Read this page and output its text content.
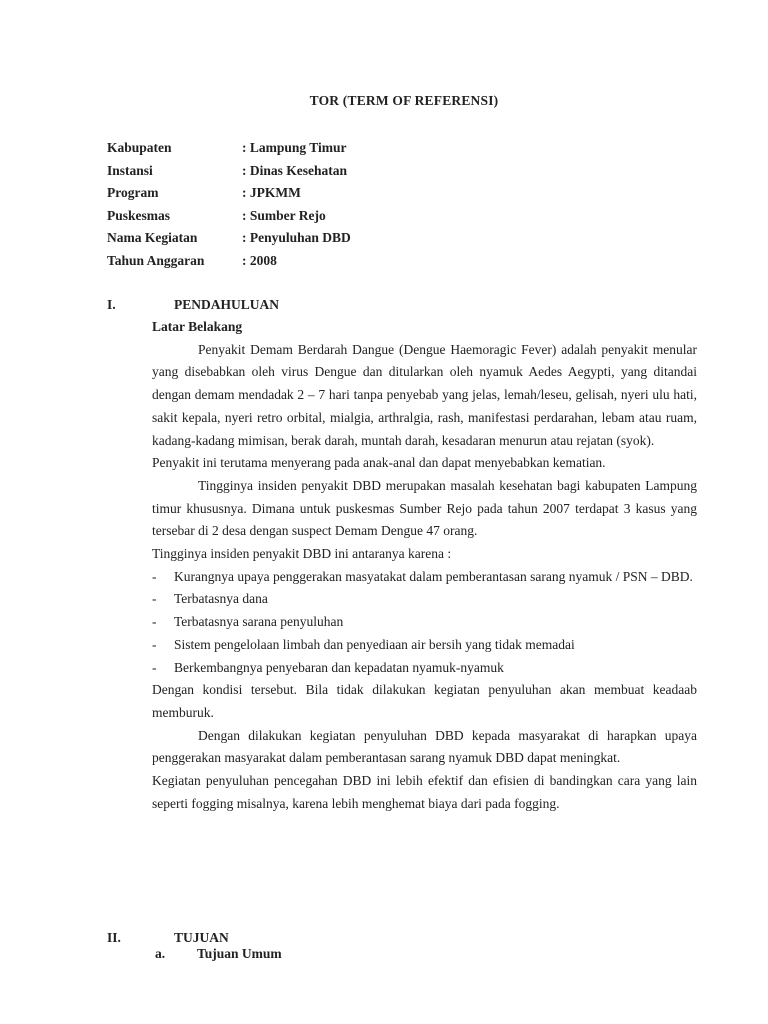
TOR (TERM OF REFERENSI)
Kabupaten	: Lampung Timur
Instansi	: Dinas Kesehatan
Program	: JPKMM
Puskesmas	: Sumber Rejo
Nama Kegiatan	: Penyuluhan DBD
Tahun Anggaran	: 2008
I.	PENDAHULUAN

Latar Belakang

Penyakit Demam Berdarah Dangue (Dengue Haemoragic Fever) adalah penyakit menular yang disebabkan oleh virus Dengue dan ditularkan oleh nyamuk Aedes Aegypti, yang ditandai dengan demam mendadak 2 – 7 hari tanpa penyebab yang jelas, lemah/leseu, gelisah, nyeri ulu hati, sakit kepala, nyeri retro orbital, mialgia, arthralgia, rash, manifestasi perdarahan, lebam atau ruam, kadang-kadang mimisan, berak darah, muntah darah, kesadaran menurun atau rejatan (syok).

Penyakit ini terutama menyerang pada anak-anal dan dapat menyebabkan kematian.

Tingginya insiden penyakit DBD merupakan masalah kesehatan bagi kabupaten Lampung timur khususnya. Dimana untuk puskesmas Sumber Rejo pada tahun 2007 terdapat 3 kasus yang tersebar di 2 desa dengan suspect Demam Dengue 47 orang.

Tingginya insiden penyakit DBD ini antaranya karena :

- Kurangnya upaya penggerakan masyatakat dalam pemberantasan sarang nyamuk / PSN – DBD.
- Terbatasnya dana
- Terbatasnya sarana penyuluhan
- Sistem pengelolaan limbah dan penyediaan air bersih yang tidak memadai
- Berkembangnya penyebaran dan kepadatan nyamuk-nyamuk

Dengan kondisi tersebut. Bila tidak dilakukan kegiatan penyuluhan akan membuat keadaab memburuk.

Dengan dilakukan kegiatan penyuluhan DBD kepada masyarakat di harapkan upaya penggerakan masyarakat dalam pemberantasan sarang nyamuk DBD dapat meningkat.

Kegiatan penyuluhan pencegahan DBD ini lebih efektif dan efisien di bandingkan cara yang lain seperti fogging misalnya, karena lebih menghemat biaya dari pada fogging.

II.	TUJUAN
a. Tujuan Umum
